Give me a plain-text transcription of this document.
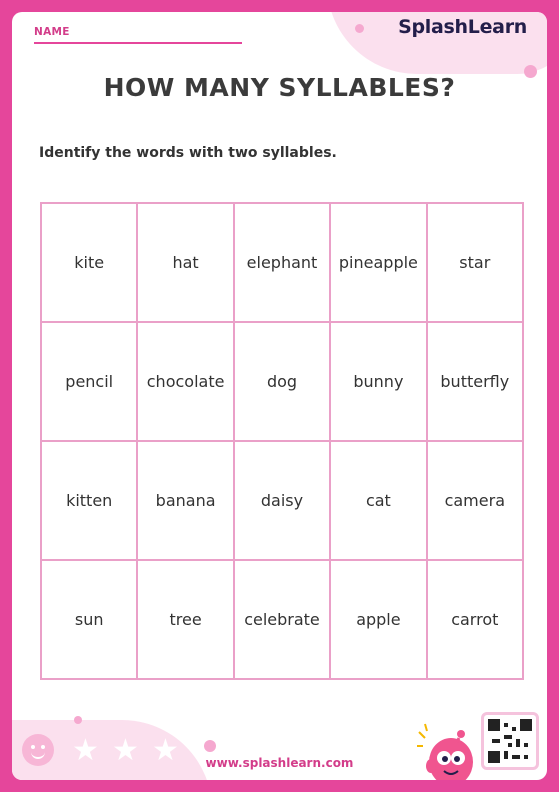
SplashLearn
NAME
HOW MANY SYLLABLES?
Identify the words with two syllables.
kite	hat	elephant	pineapple	star
pencil	chocolate	dog	bunny	butterfly
kitten	banana	daisy	cat	camera
sun	tree	celebrate	apple	carrot
★ ★ ★	www.splashlearn.com
